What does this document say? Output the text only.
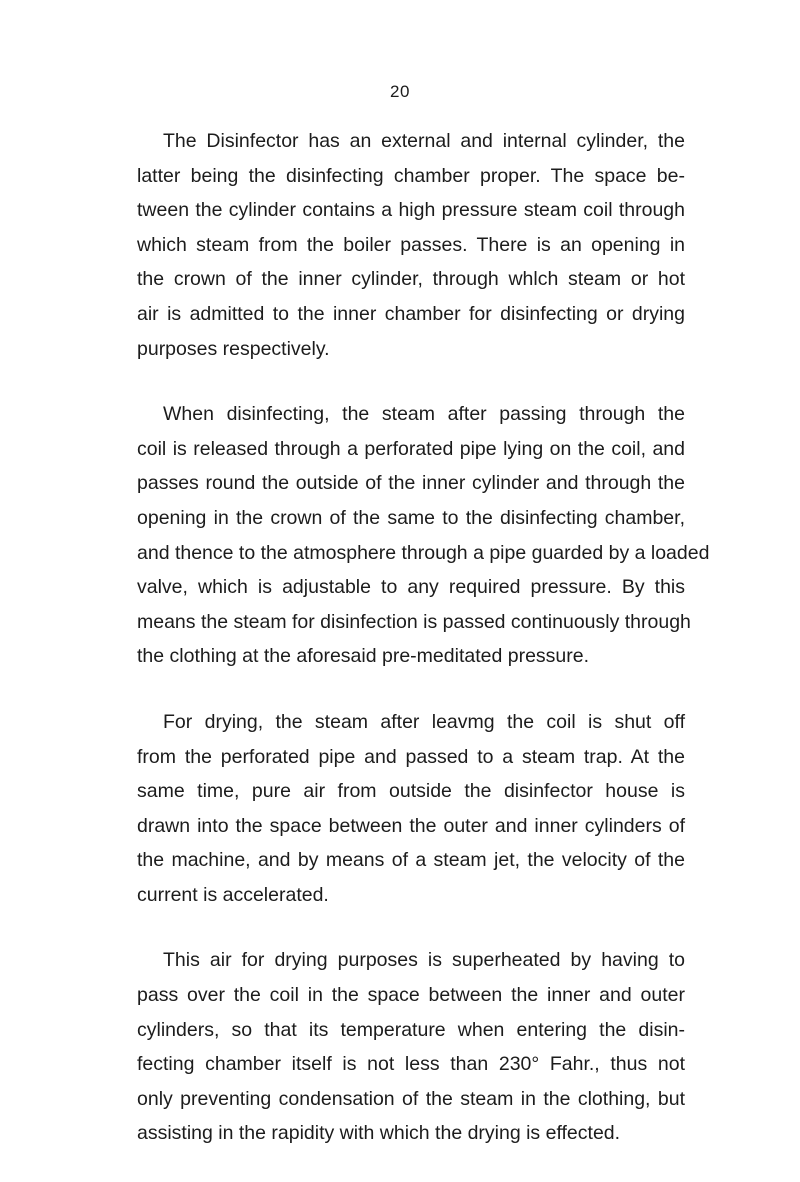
20

The Disinfector has an external and internal cylinder, the
latter being the disinfecting chamber proper. The space be-
tween the cylinder contains a high pressure steam coil through
which steam from the boiler passes. There is an opening in
the crown of the inner cylinder, through whlch steam or hot
air is admitted to the inner chamber for disinfecting or drying
purposes respectively.

When disinfecting, the steam after passing through the
coil is released through a perforated pipe lying on the coil, and
passes round the outside of the inner cylinder and through the
opening in the crown of the same to the disinfecting chamber,
and thence to the atmosphere through a pipe guarded by a loaded
valve, which is adjustable to any required pressure. By this
means the steam for disinfection is passed continuously through
the clothing at the aforesaid pre-meditated pressure.

For drying, the steam after leavmg the coil is shut off
from the perforated pipe and passed to a steam trap. At the
same time, pure air from outside the disinfector house is
drawn into the space between the outer and inner cylinders of
the machine, and by means of a steam jet, the velocity of the
current is accelerated.

This air for drying purposes is superheated by having to
pass over the coil in the space between the inner and outer
cylinders, so that its temperature when entering the disin-
fecting chamber itself is not less than 230° Fahr., thus not
only preventing condensation of the steam in the clothing, but
assisting in the rapidity with which the drying is effected.
